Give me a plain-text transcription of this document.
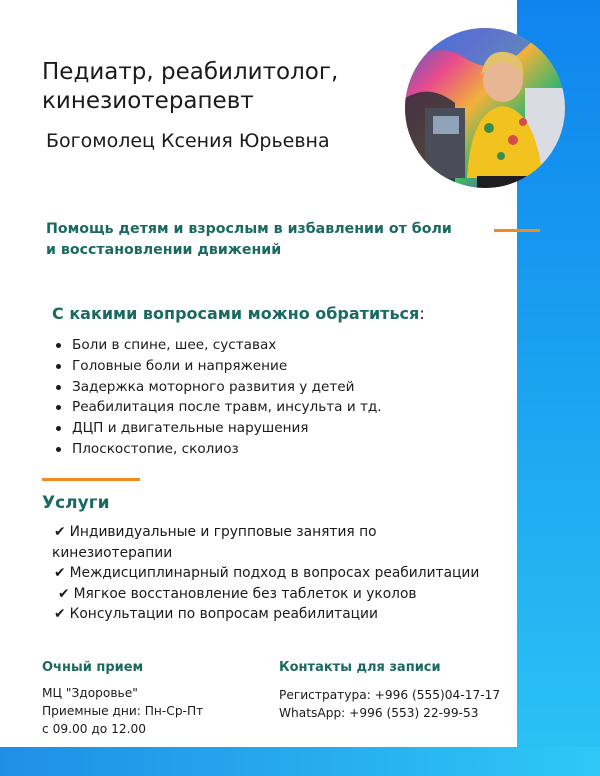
Педиатр, реабилитолог,
кинезиотерапевт
Богомолец Ксения Юрьевна
Помощь детям и взрослым в избавлении от боли
и восстановлении движений
С какими вопросами можно обратиться:
Боли в спине, шее, суставах
Головные боли и напряжение
Задержка моторного развития у детей
Реабилитация после травм, инсульта и тд.
ДЦП и двигательные нарушения
Плоскостопие, сколиоз
Услуги
✔ Индивидуальные и групповые занятия по
кинезиотерапии
✔ Междисциплинарный подход в вопросах реабилитации
✔ Мягкое восстановление без таблеток и уколов
✔ Консультации по вопросам реабилитации
Очный прием
МЦ "Здоровье"
Приемные дни: Пн-Ср-Пт
с 09.00 до 12.00
Контакты для записи
Регистратура: +996 (555)04-17-17
WhatsApp: +996 (553) 22-99-53
